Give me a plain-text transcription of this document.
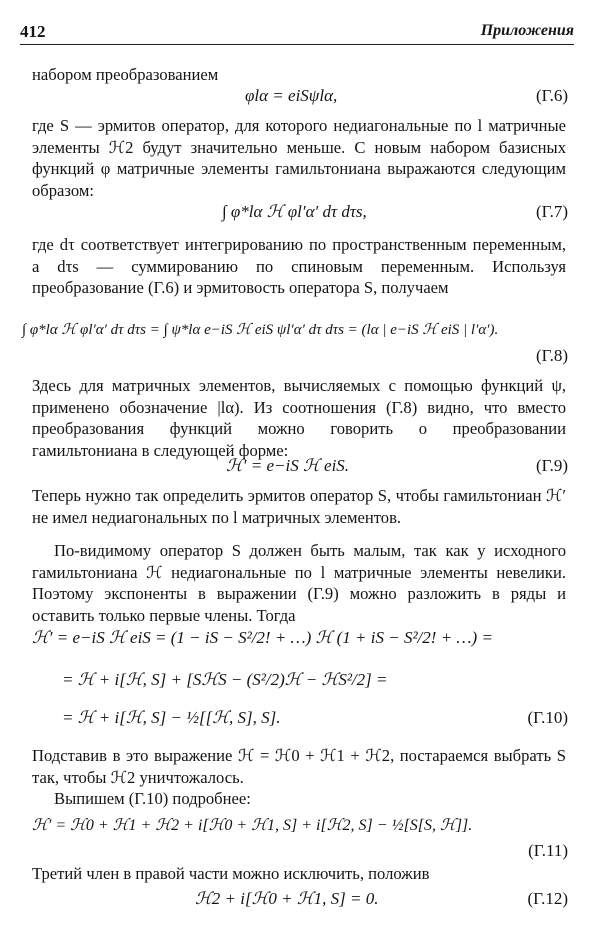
412	Приложения
набором преобразованием
φlα = eiSψlα,	(Г.6)
где S — эрмитов оператор, для которого недиагональные по l матричные элементы ℋ2 будут значительно меньше. С новым набором базисных функций φ матричные элементы гамильтониана выражаются следующим образом:
∫ φ*lα ℋ φl′α′ dτ dτs,	(Г.7)
где dτ соответствует интегрированию по пространственным переменным, а dτs — суммированию по спиновым переменным. Используя преобразование (Г.6) и эрмитовость оператора S, получаем
∫ φ*lα ℋ φl′α′ dτ dτs = ∫ ψ*lα e−iS ℋ eiS ψl′α′ dτ dτs = (lα | e−iS ℋ eiS | l′α′).
(Г.8)
Здесь для матричных элементов, вычисляемых с помощью функций ψ, применено обозначение |lα). Из соотношения (Г.8) видно, что вместо преобразования функций можно говорить о преобразовании гамильтониана в следующей форме:
ℋ′ = e−iS ℋ eiS.	(Г.9)
Теперь нужно так определить эрмитов оператор S, чтобы гамильтониан ℋ′ не имел недиагональных по l матричных элементов.
По-видимому оператор S должен быть малым, так как у исходного гамильтониана ℋ недиагональные по l матричные элементы невелики. Поэтому экспоненты в выражении (Г.9) можно разложить в ряды и оставить только первые члены. Тогда
ℋ′ = e−iS ℋ eiS = (1 − iS − S²/2! + …) ℋ (1 + iS − S²/2! + …) =
= ℋ + i[ℋ, S] + [SℋS − (S²/2)ℋ − ℋS²/2] =
= ℋ + i[ℋ, S] − ½[[ℋ, S], S].	(Г.10)
Подставив в это выражение ℋ = ℋ0 + ℋ1 + ℋ2, постараемся выбрать S так, чтобы ℋ2 уничтожалось.
Выпишем (Г.10) подробнее:
ℋ′ = ℋ0 + ℋ1 + ℋ2 + i[ℋ0 + ℋ1, S] + i[ℋ2, S] − ½[S[S, ℋ]].
(Г.11)
Третий член в правой части можно исключить, положив
ℋ2 + i[ℋ0 + ℋ1, S] = 0.	(Г.12)
